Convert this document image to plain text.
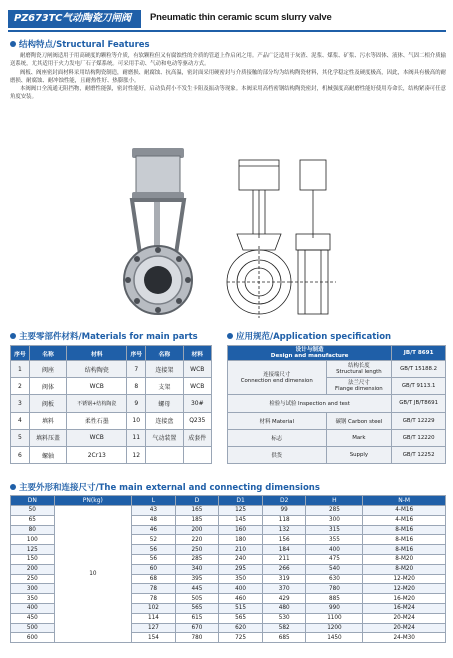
PZ673TC气动陶瓷刀闸阀	Pneumatic thin ceramic scum slurry valve
结构特点/Structural Features

耐磨陶瓷刀闸阀适用于用高硬度的颗粒等介质，有软颗粒但又有腐蚀性的介质的管道上作启闭之用。产品广泛适用于灰渣、泥浆、煤浆、矿浆、污水等固体、液体、气固二相介质输送系统，尤其适用于火力发电厂石子煤系统。可采用手动、气动和电动等驱动方式。

阀板、阀座密封面材料采用结构陶瓷制造，耐磨损、耐腐蚀、抗高温，密封面采用硬密封与介质接触的部分均为结构陶瓷材料，其化学稳定性及硬度极高，因此，本阀具有极高的耐磨损、耐腐蚀、耐冲蚀性能，且耐热性好、热膨胀小。

本阀阀口全流通无阻挡物，耐磨性能强，密封性能好，启动负荷小不发生卡阻及振动等现象。本阀采用高档密钢结构陶瓷密封，机械强度高耐磨性能好使用寿命长，结构紧凑可任意角度安装。

主要零部件材料/Materials for main parts
序号	名称	材料	序号	名称	材料
1	阀座	结构陶瓷	7	连接架	WCB
2	阀体	WCB	8	支架	WCB
3	阀板	不锈钢+结构陶瓷	9	螺母	30#
4	填料	柔性石墨	10	连接盘	Q235
5	填料压盖	WCB	11	气动装置	成套件
6	螺轴	2Cr13	12		
应用规范/Application specification
设计与制造
Design and manufacture		JB/T 8691
连接端尺寸
Connection end dimension	结构长度
Structural length	GB/T 15188.2
	法兰尺寸
Flange dimension	GB/T 9113.1
检验与试验 Inspection and test		GB/T JB/T8691
材料 Material	碳钢 Carbon steel	GB/T 12229
标志	Mark	GB/T 12220
供货	Supply	GB/T 12252
主要外形和连接尺寸/The main external and connecting dimensions
DN	PN(kg)	L	D	D1	D2	H	N-M
50	10	43	165	125	99	285	4-M16
65		48	185	145	118	300	4-M16
80		46	200	160	132	315	8-M16
100		52	220	180	156	355	8-M16
125		56	250	210	184	400	8-M16
150		56	285	240	211	475	8-M20
200		60	340	295	266	540	8-M20
250		68	395	350	319	630	12-M20
300		78	445	400	370	780	12-M20
350		78	505	460	429	885	16-M20
400		102	565	515	480	990	16-M24
450		114	615	565	530	1100	20-M24
500		127	670	620	582	1200	20-M24
600		154	780	725	685	1450	24-M30
